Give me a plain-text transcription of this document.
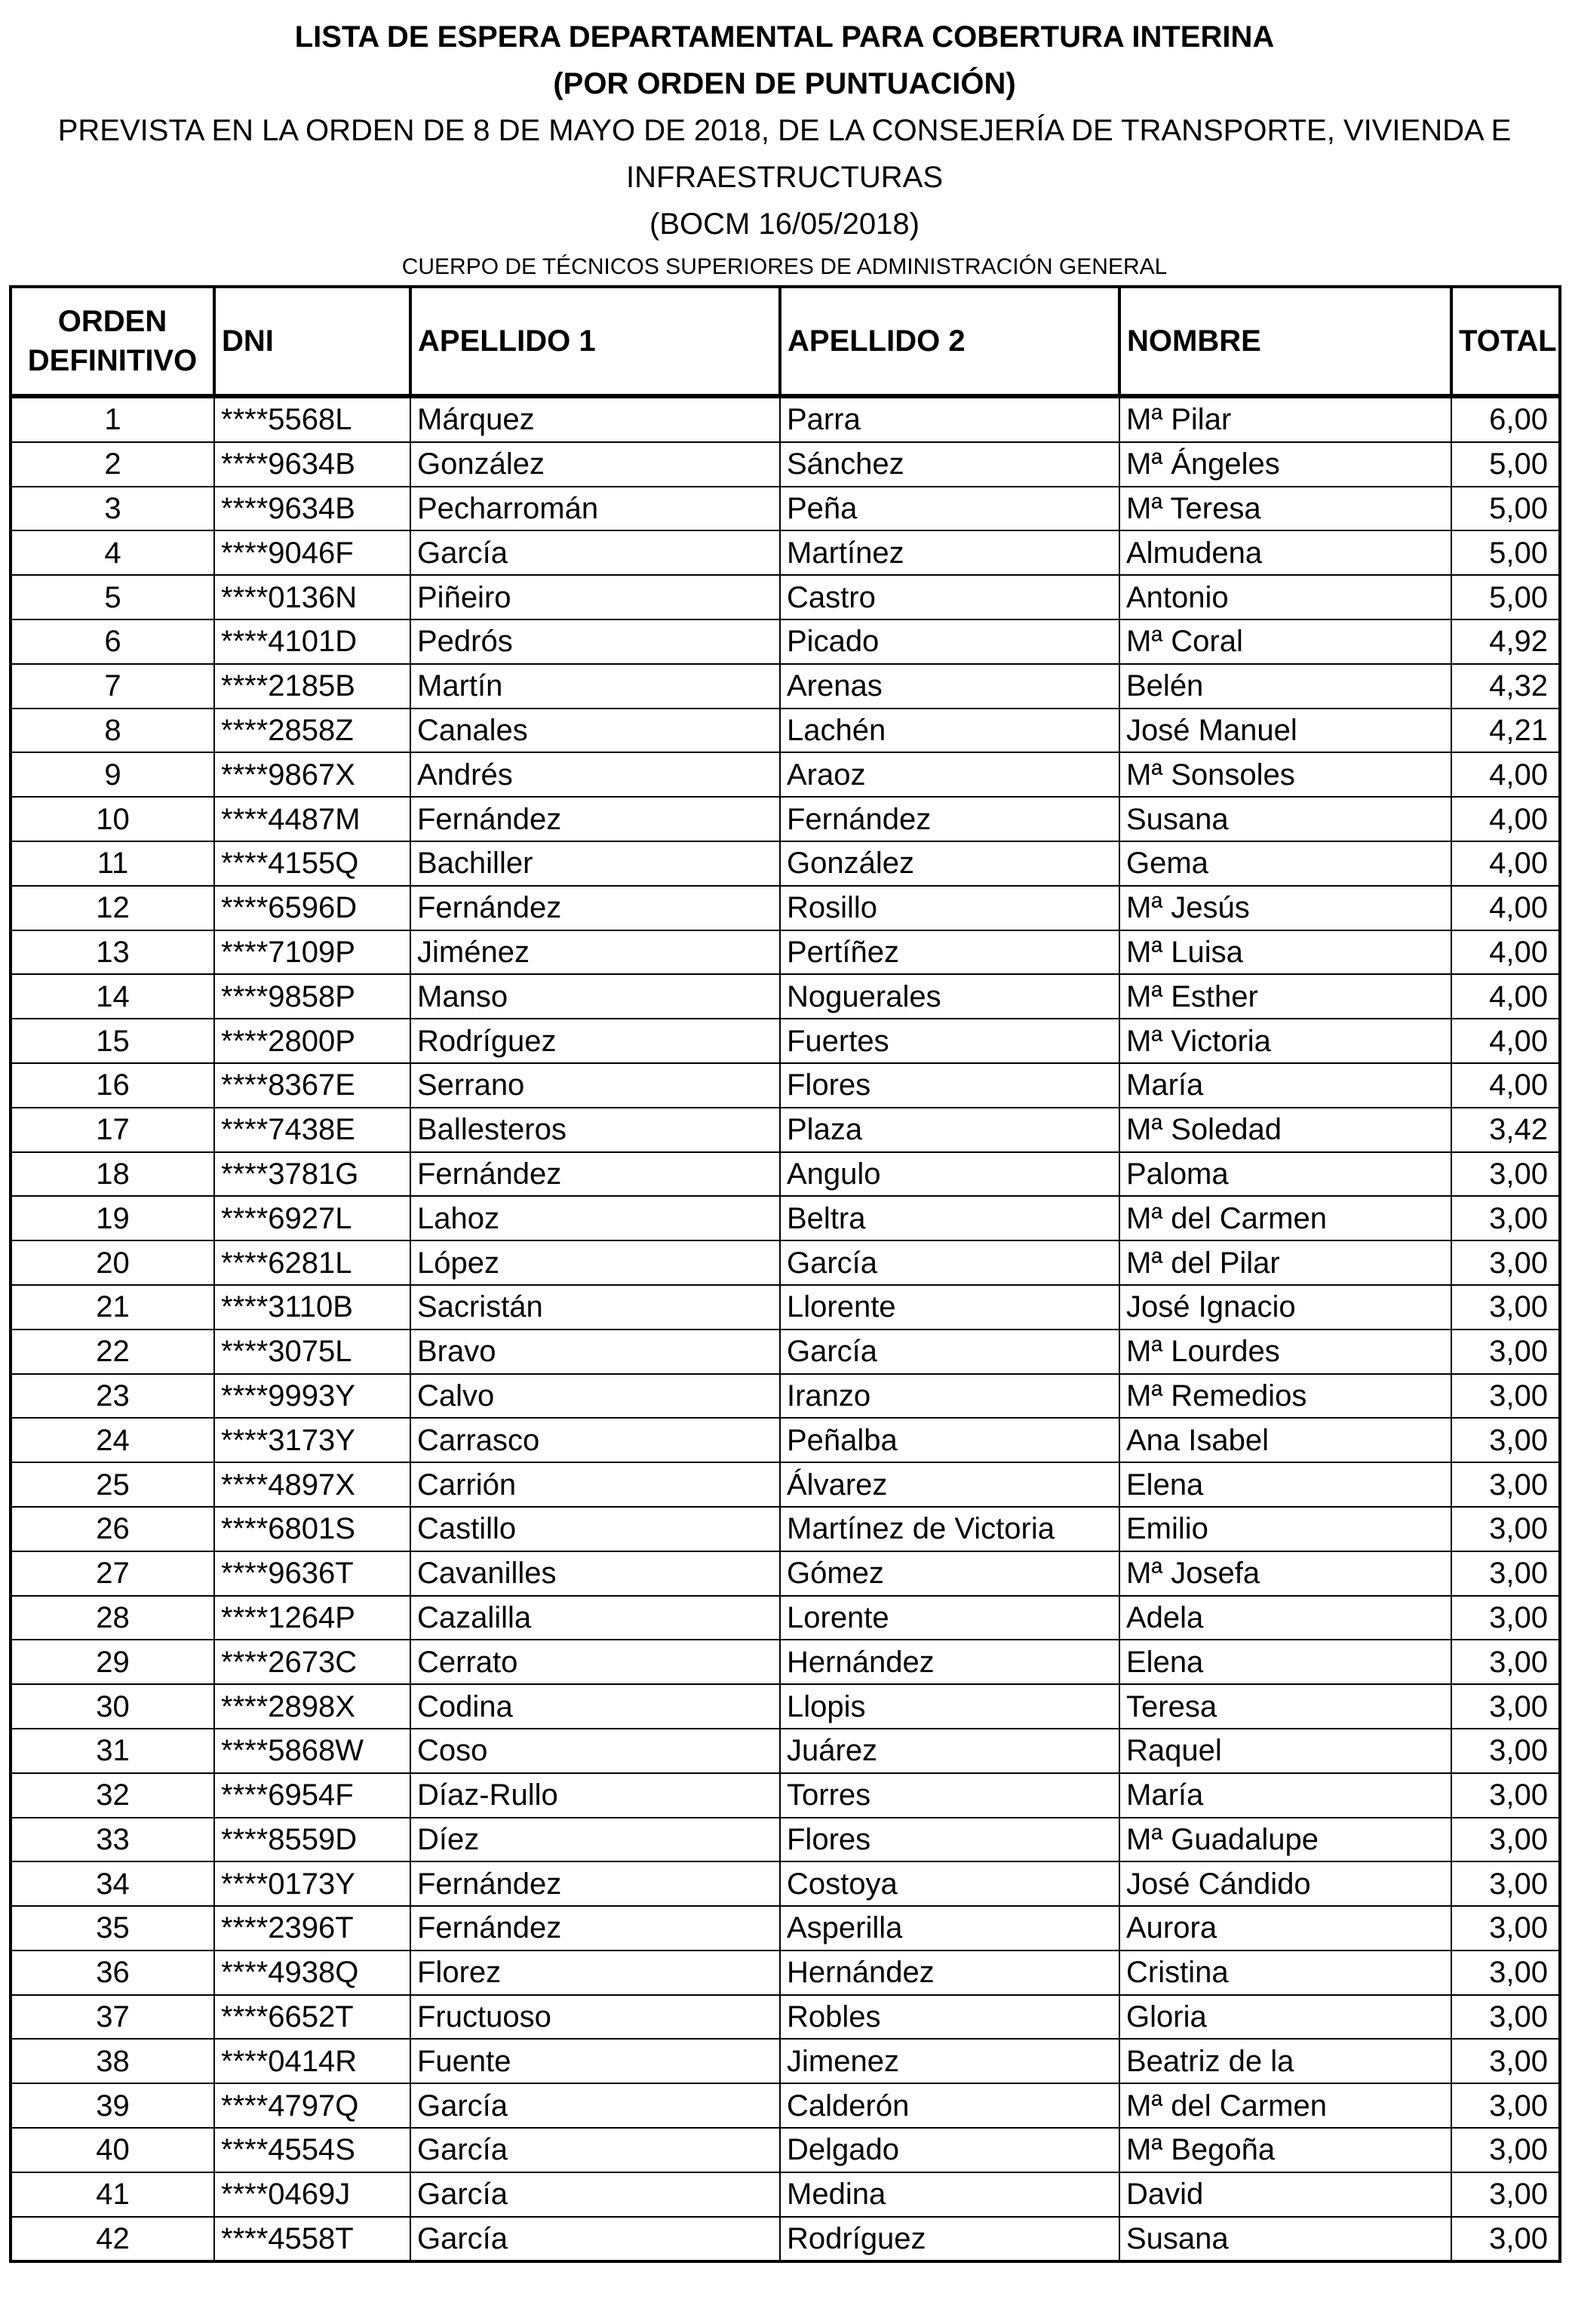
LISTA DE ESPERA DEPARTAMENTAL PARA COBERTURA INTERINA
(POR ORDEN DE PUNTUACIÓN)
PREVISTA EN LA ORDEN DE 8 DE MAYO DE 2018, DE LA CONSEJERÍA DE TRANSPORTE, VIVIENDA E
INFRAESTRUCTURAS
(BOCM 16/05/2018)
CUERPO DE TÉCNICOS SUPERIORES DE ADMINISTRACIÓN GENERAL
ORDEN
DEFINITIVO	DNI	APELLIDO 1	APELLIDO 2	NOMBRE	TOTAL
1	****5568L	Márquez	Parra	Mª Pilar	6,00
2	****9634B	González	Sánchez	Mª Ángeles	5,00
3	****9634B	Pecharromán	Peña	Mª Teresa	5,00
4	****9046F	García	Martínez	Almudena	5,00
5	****0136N	Piñeiro	Castro	Antonio	5,00
6	****4101D	Pedrós	Picado	Mª Coral	4,92
7	****2185B	Martín	Arenas	Belén	4,32
8	****2858Z	Canales	Lachén	José Manuel	4,21
9	****9867X	Andrés	Araoz	Mª Sonsoles	4,00
10	****4487M	Fernández	Fernández	Susana	4,00
11	****4155Q	Bachiller	González	Gema	4,00
12	****6596D	Fernández	Rosillo	Mª Jesús	4,00
13	****7109P	Jiménez	Pertíñez	Mª Luisa	4,00
14	****9858P	Manso	Noguerales	Mª Esther	4,00
15	****2800P	Rodríguez	Fuertes	Mª Victoria	4,00
16	****8367E	Serrano	Flores	María	4,00
17	****7438E	Ballesteros	Plaza	Mª Soledad	3,42
18	****3781G	Fernández	Angulo	Paloma	3,00
19	****6927L	Lahoz	Beltra	Mª del Carmen	3,00
20	****6281L	López	García	Mª del Pilar	3,00
21	****3110B	Sacristán	Llorente	José Ignacio	3,00
22	****3075L	Bravo	García	Mª Lourdes	3,00
23	****9993Y	Calvo	Iranzo	Mª Remedios	3,00
24	****3173Y	Carrasco	Peñalba	Ana Isabel	3,00
25	****4897X	Carrión	Álvarez	Elena	3,00
26	****6801S	Castillo	Martínez de Victoria	Emilio	3,00
27	****9636T	Cavanilles	Gómez	Mª Josefa	3,00
28	****1264P	Cazalilla	Lorente	Adela	3,00
29	****2673C	Cerrato	Hernández	Elena	3,00
30	****2898X	Codina	Llopis	Teresa	3,00
31	****5868W	Coso	Juárez	Raquel	3,00
32	****6954F	Díaz-Rullo	Torres	María	3,00
33	****8559D	Díez	Flores	Mª Guadalupe	3,00
34	****0173Y	Fernández	Costoya	José Cándido	3,00
35	****2396T	Fernández	Asperilla	Aurora	3,00
36	****4938Q	Florez	Hernández	Cristina	3,00
37	****6652T	Fructuoso	Robles	Gloria	3,00
38	****0414R	Fuente	Jimenez	Beatriz de la	3,00
39	****4797Q	García	Calderón	Mª del Carmen	3,00
40	****4554S	García	Delgado	Mª Begoña	3,00
41	****0469J	García	Medina	David	3,00
42	****4558T	García	Rodríguez	Susana	3,00
